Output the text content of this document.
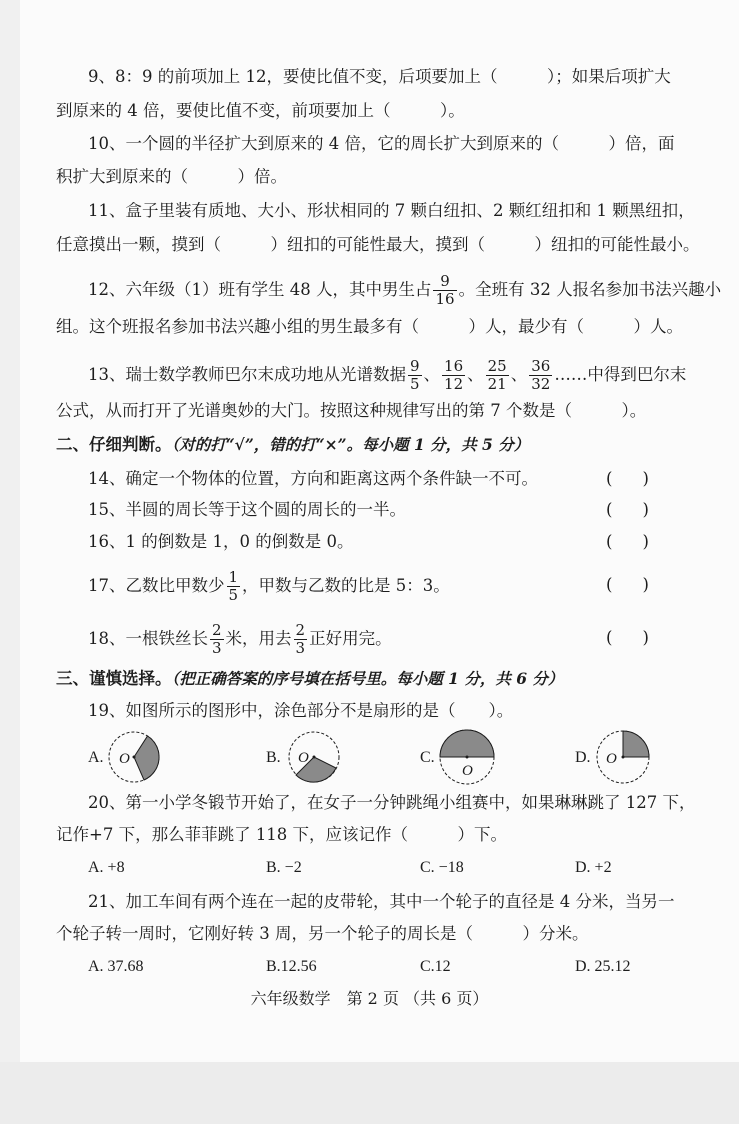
9、8：9 的前项加上 12，要使比值不变，后项要加上（　　　）；如果后项扩大
到原来的 4 倍，要使比值不变，前项要加上（　　　）。
10、一个圆的半径扩大到原来的 4 倍，它的周长扩大到原来的（　　　）倍，面
积扩大到原来的（　　　）倍。
11、盒子里装有质地、大小、形状相同的 7 颗白纽扣、2 颗红纽扣和 1 颗黑纽扣，
任意摸出一颗，摸到（　　　）纽扣的可能性最大，摸到（　　　）纽扣的可能性最小。
12、六年级（1）班有学生 48 人，其中男生占 $\frac{9}{16}$ 。全班有 32 人报名参加书法兴趣小
组。这个班报名参加书法兴趣小组的男生最多有（　　　）人，最少有（　　　）人。
13、瑞士数学教师巴尔末成功地从光谱数据 $\frac{9}{5}$ 、 $\frac{16}{12}$ 、 $\frac{25}{21}$ 、 $\frac{36}{32}$ ……中得到巴尔末
公式，从而打开了光谱奥妙的大门。按照这种规律写出的第 7 个数是（　　　）。
二、仔细判断。（对的打“√”，错的打“×”。每小题 1 分，共 5 分）
14、确定一个物体的位置，方向和距离这两个条件缺一不可。
( )
15、半圆的周长等于这个圆的周长的一半。
( )
16、1 的倒数是 1，0 的倒数是 0。
( )
17、乙数比甲数少 $\frac{1}{5}$ ，甲数与乙数的比是 5：3。
( )
18、一根铁丝长 $\frac{2}{3}$ 米，用去 $\frac{2}{3}$ 正好用完。
( )
三、谨慎选择。（把正确答案的序号填在括号里。每小题 1 分，共 6 分）
19、如图所示的图形中，涂色部分不是扇形的是（　　）。
A. O	B. O	C.
O
D. O
20、第一小学冬锻节开始了，在女子一分钟跳绳小组赛中，如果琳琳跳了 127 下，
记作+7 下，那么菲菲跳了 118 下，应该记作（　　　）下。
A. +8	B. −2	C. −18	D. +2
21、加工车间有两个连在一起的皮带轮，其中一个轮子的直径是 4 分米，当另一
个轮子转一周时，它刚好转 3 周，另一个轮子的周长是（　　　）分米。
A. 37.68	B.12.56	C.12	D. 25.12
六年级数学　第 2 页 （共 6 页）
